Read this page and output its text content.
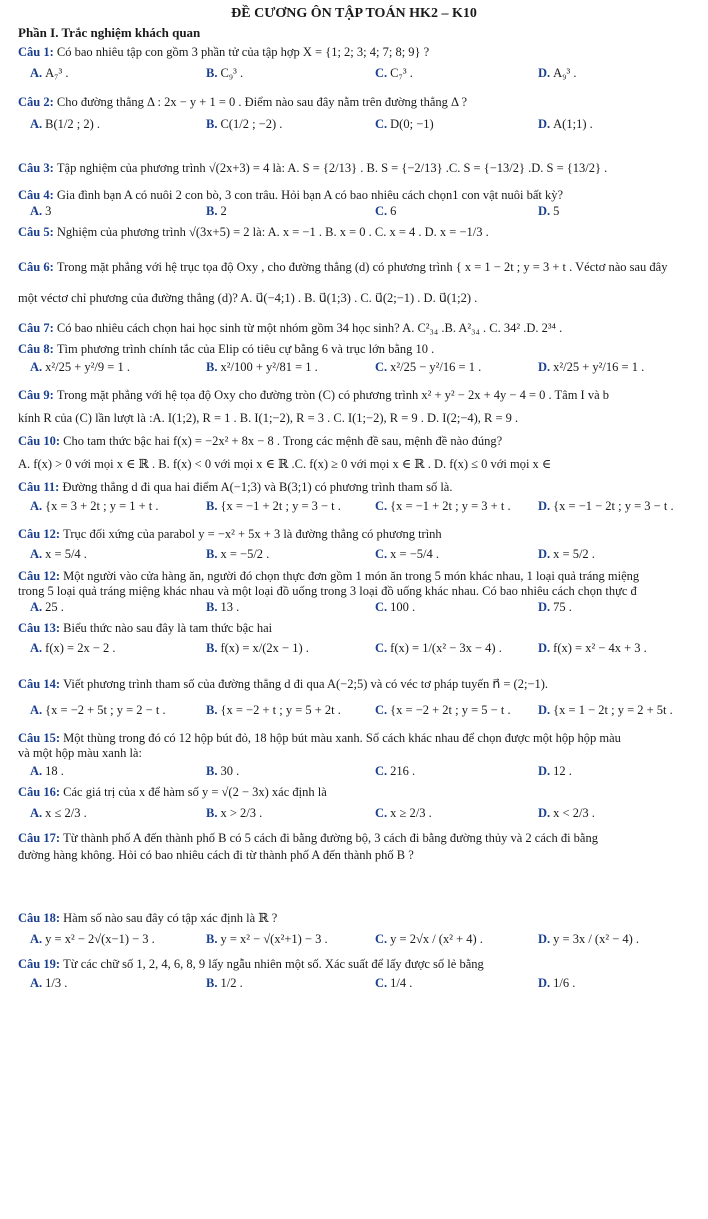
ĐỀ CƯƠNG ÔN TẬP TOÁN HK2 – K10
Phần I. Trắc nghiệm khách quan
Câu 1: Có bao nhiêu tập con gồm 3 phần tử của tập hợp X = {1; 2; 3; 4; 7; 8; 9} ?
A. A₇³ .	B. C₉³ .	C. C₇³ .	D. A₉³ .
Câu 2: Cho đường thẳng Δ : 2x − y + 1 = 0 . Điểm nào sau đây nằm trên đường thẳng Δ ?
A. B(1/2 ; 2) .	B. C(1/2 ; −2) .	C. D(0; −1)	D. A(1;1) .
Câu 3: Tập nghiệm của phương trình √(2x+3) = 4 là: A. S = {2/13} . B. S = {−2/13} .C. S = {−13/2} .D. S = {13/2} .
Câu 4: Gia đình bạn A có nuôi 2 con bò, 3 con trâu. Hỏi bạn A có bao nhiêu cách chọn1 con vật nuôi bất kỳ?
A. 3	B. 2	C. 6	D. 5
Câu 5: Nghiệm của phương trình √(3x+5) = 2 là: A. x = −1 . B. x = 0 . C. x = 4 . D. x = −1/3 .
Câu 6: Trong mặt phẳng với hệ trục tọa độ Oxy , cho đường thẳng (d) có phương trình { x = 1 − 2t ; y = 3 + t . Véctơ nào sau đây
một véctơ chỉ phương của đường thẳng (d)? A. u⃗(−4;1) . B. u⃗(1;3) . C. u⃗(2;−1) . D. u⃗(1;2) .
Câu 7: Có bao nhiêu cách chọn hai học sinh từ một nhóm gồm 34 học sinh? A. C²₃₄ .B. A²₃₄ . C. 34² .D. 2³⁴ .
Câu 8: Tìm phương trình chính tắc của Elip có tiêu cự bằng 6 và trục lớn bằng 10 .
A. x²/25 + y²/9 = 1 .	B. x²/100 + y²/81 = 1 .	C. x²/25 − y²/16 = 1 .	D. x²/25 + y²/16 = 1 .
Câu 9: Trong mặt phẳng với hệ tọa độ Oxy cho đường tròn (C) có phương trình x² + y² − 2x + 4y − 4 = 0 . Tâm I và b
kính R của (C) lần lượt là :A. I(1;2), R = 1 . B. I(1;−2), R = 3 . C. I(1;−2), R = 9 . D. I(2;−4), R = 9 .
Câu 10: Cho tam thức bậc hai f(x) = −2x² + 8x − 8 . Trong các mệnh đề sau, mệnh đề nào đúng?
A. f(x) > 0 với mọi x ∈ ℝ . B. f(x) < 0 với mọi x ∈ ℝ .C. f(x) ≥ 0 với mọi x ∈ ℝ . D. f(x) ≤ 0 với mọi x ∈
Câu 11: Đường thẳng d đi qua hai điểm A(−1;3) và B(3;1) có phương trình tham số là.
A. {x = 3 + 2t ; y = 1 + t .	B. {x = −1 + 2t ; y = 3 − t .	C. {x = −1 + 2t ; y = 3 + t . D. {x = −1 − 2t ; y = 3 − t .
Câu 12: Trục đối xứng của parabol y = −x² + 5x + 3 là đường thẳng có phương trình
A. x = 5/4 .	B. x = −5/2 .	C. x = −5/4 .	D. x = 5/2 .
Câu 12: Một người vào cửa hàng ăn, người đó chọn thực đơn gồm 1 món ăn trong 5 món khác nhau, 1 loại quả tráng miệng
trong 5 loại quả tráng miệng khác nhau và một loại đồ uống trong 3 loại đồ uống khác nhau. Có bao nhiêu cách chọn thực đ
A. 25 .	B. 13 .	C. 100 .	D. 75 .
Câu 13: Biểu thức nào sau đây là tam thức bậc hai
A. f(x) = 2x − 2 .	B. f(x) = x/(2x − 1) .	C. f(x) = 1/(x² − 3x − 4) .	D. f(x) = x² − 4x + 3 .
Câu 14: Viết phương trình tham số của đường thẳng d đi qua A(−2;5) và có véc tơ pháp tuyến n⃗ = (2;−1).
A. {x = −2 + 5t ; y = 2 − t .	B. {x = −2 + t ; y = 5 + 2t .	C. {x = −2 + 2t ; y = 5 − t . D. {x = 1 − 2t ; y = 2 + 5t .
Câu 15: Một thùng trong đó có 12 hộp bút đỏ, 18 hộp bút màu xanh. Số cách khác nhau để chọn được một hộp hộp màu
và một hộp màu xanh là:
A. 18 .	B. 30 .	C. 216 .	D. 12 .
Câu 16: Các giá trị của x để hàm số y = √(2 − 3x) xác định là
A. x ≤ 2/3 .	B. x > 2/3 .	C. x ≥ 2/3 .	D. x < 2/3 .
Câu 17: Từ thành phố A đến thành phố B có 5 cách đi bằng đường bộ, 3 cách đi bằng đường thủy và 2 cách đi bằng
đường hàng không. Hỏi có bao nhiêu cách đi từ thành phố A đến thành phố B ?
Câu 18: Hàm số nào sau đây có tập xác định là ℝ ?
A. y = x² − 2√(x−1) − 3 .	B. y = x² − √(x²+1) − 3 .	C. y = 2√x / (x² + 4) .	D. y = 3x / (x² − 4) .
Câu 19: Từ các chữ số 1, 2, 4, 6, 8, 9 lấy ngẫu nhiên một số. Xác suất để lấy được số lẻ bằng
A. 1/3 .	B. 1/2 .	C. 1/4 .	D. 1/6 .
